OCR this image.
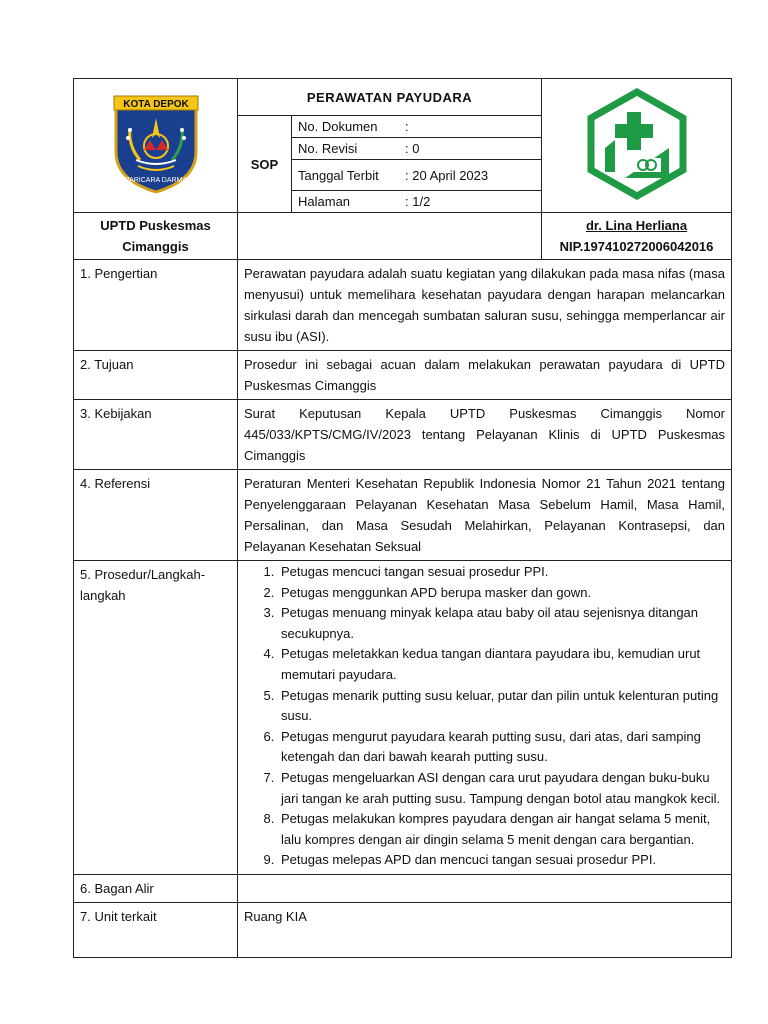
KOTA DEPOK
PARICARA DARMA
	PERAWATAN PAYUDARA	
SOP	
No. Dokumen	:
No. Revisi	: 0
Tanggal Terbit	: 20 April 2023
Halaman	: 1/2

UPTD Puskesmas
Cimanggis

dr. Lina Herliana
NIP.197410272006042016

1. Pengertian	Perawatan payudara adalah suatu kegiatan yang dilakukan pada masa nifas (masa menyusui) untuk memelihara kesehatan payudara dengan harapan melancarkan sirkulasi darah dan mencegah sumbatan saluran susu, sehingga memperlancar air susu ibu (ASI).
2. Tujuan	Prosedur ini sebagai acuan dalam melakukan perawatan payudara di UPTD Puskesmas Cimanggis
3. Kebijakan	Surat Keputusan Kepala UPTD Puskesmas Cimanggis Nomor 445/033/KPTS/CMG/IV/2023 tentang Pelayanan Klinis di UPTD Puskesmas Cimanggis
4. Referensi	Peraturan Menteri Kesehatan Republik Indonesia Nomor 21 Tahun 2021 tentang Penyelenggaraan Pelayanan Kesehatan Masa Sebelum Hamil, Masa Hamil, Persalinan, dan Masa Sesudah Melahirkan, Pelayanan Kontrasepsi, dan Pelayanan Kesehatan Seksual
5. Prosedur/Langkah-langkah	
1. Petugas mencuci tangan sesuai prosedur PPI.
2. Petugas menggunkan APD berupa masker dan gown.
3. Petugas menuang minyak kelapa atau baby oil atau sejenisnya ditangan secukupnya.
4. Petugas meletakkan kedua tangan diantara payudara ibu, kemudian urut memutari payudara.
5. Petugas menarik putting susu keluar, putar dan pilin untuk kelenturan puting susu.
6. Petugas mengurut payudara kearah putting susu, dari atas, dari samping ketengah dan dari bawah kearah putting susu.
7. Petugas mengeluarkan ASI dengan cara urut payudara dengan buku-buku jari tangan ke arah putting susu. Tampung dengan botol atau mangkok kecil.
8. Petugas melakukan kompres payudara dengan air hangat selama 5 menit, lalu kompres dengan air dingin selama 5 menit dengan cara bergantian.
9. Petugas melepas APD dan mencuci tangan sesuai prosedur PPI.

6. Bagan Alir	
7. Unit terkait	Ruang KIA
